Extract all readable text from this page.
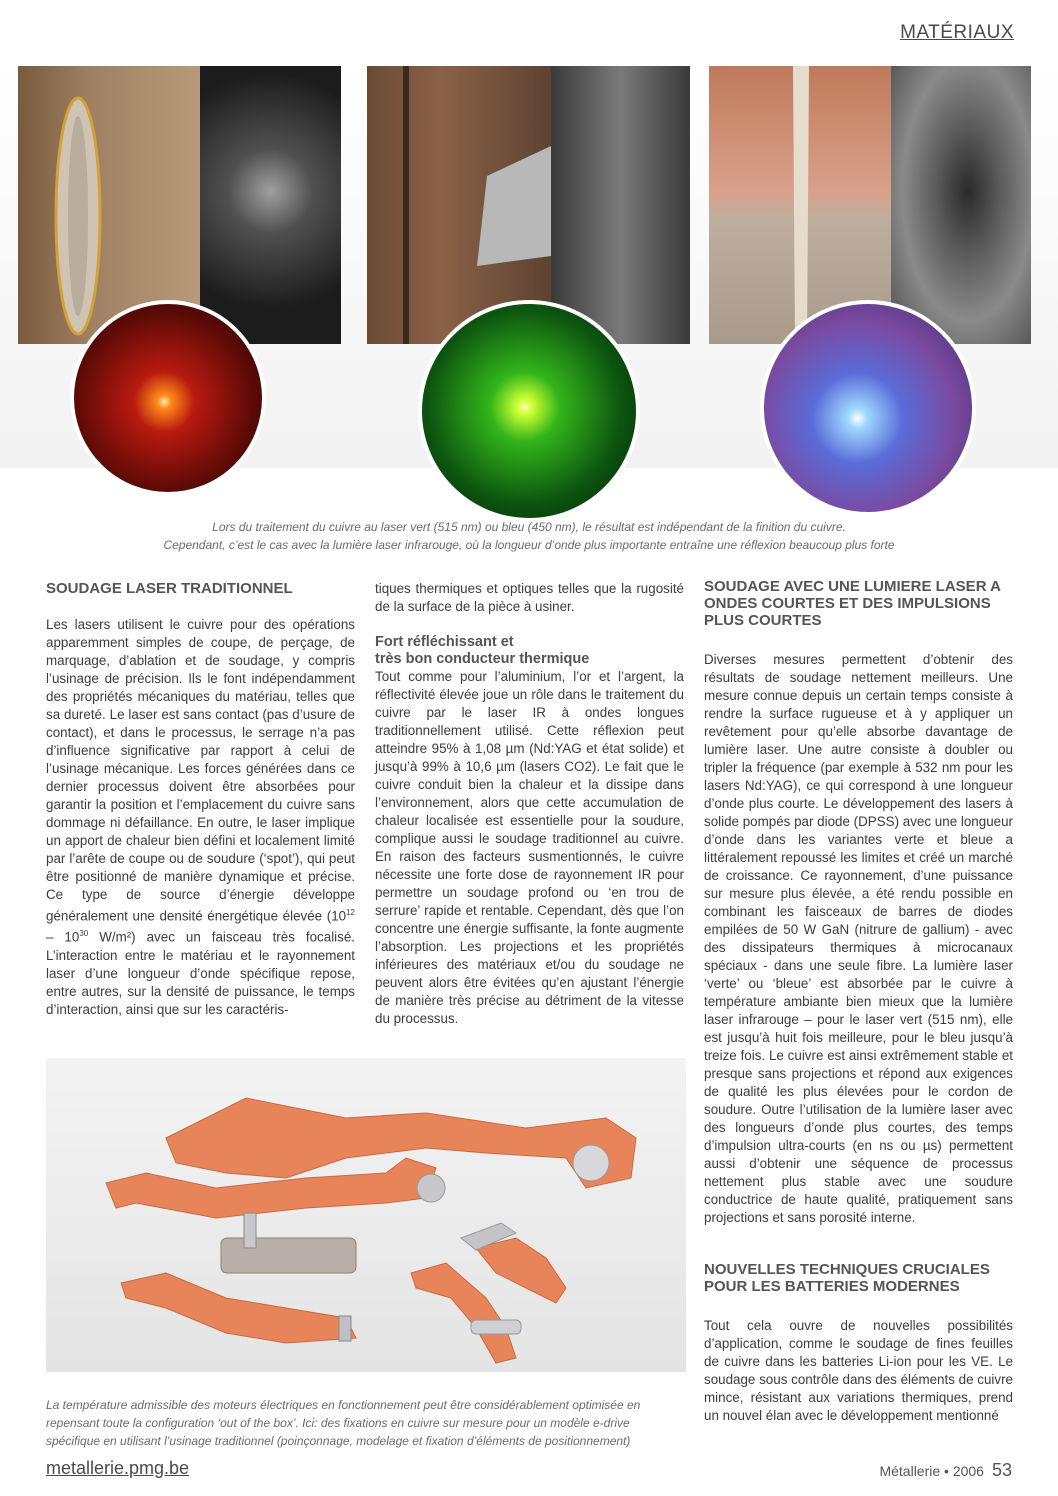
MATÉRIAUX
Lors du traitement du cuivre au laser vert (515 nm) ou bleu (450 nm), le résultat est indépendant de la finition du cuivre.
Cependant, c’est le cas avec la lumière laser infrarouge, où la longueur d’onde plus importante entraîne une réflexion beaucoup plus forte
SOUDAGE LASER TRADITIONNEL

Les lasers utilisent le cuivre pour des opérations apparemment simples de coupe, de perçage, de marquage, d’ablation et de soudage, y compris l’usinage de précision. Ils le font indépendamment des propriétés mécaniques du matériau, telles que sa dureté. Le laser est sans contact (pas d’usure de contact), et dans le processus, le serrage n’a pas d’influence significative par rapport à celui de l’usinage mécanique. Les forces générées dans ce dernier processus doivent être absorbées pour garantir la position et l’emplacement du cuivre sans dommage ni défaillance. En outre, le laser implique un apport de chaleur bien défini et localement limité par l’arête de coupe ou de soudure (‘spot’), qui peut être positionné de manière dynamique et précise. Ce type de source d’énergie développe généralement une densité énergétique élevée ($10^{12} - 10^{30}$ W/m²) avec un faisceau très focalisé. L’interaction entre le matériau et le rayonnement laser d’une longueur d’onde spécifique repose, entre autres, sur la densité de puissance, le temps d’interaction, ainsi que sur les caractéris-

tiques thermiques et optiques telles que la rugosité de la surface de la pièce à usiner.

Fort réfléchissant et
très bon conducteur thermique

Tout comme pour l’aluminium, l’or et l’argent, la réflectivité élevée joue un rôle dans le traitement du cuivre par le laser IR à ondes longues traditionnellement utilisé. Cette réflexion peut atteindre 95% à 1,08 µm (Nd:YAG et état solide) et jusqu’à 99% à 10,6 µm (lasers CO2). Le fait que le cuivre conduit bien la chaleur et la dissipe dans l’environnement, alors que cette accumulation de chaleur localisée est essentielle pour la soudure, complique aussi le soudage traditionnel au cuivre. En raison des facteurs susmentionnés, le cuivre nécessite une forte dose de rayonnement IR pour permettre un soudage profond ou ‘en trou de serrure’ rapide et rentable. Cependant, dès que l’on concentre une énergie suffisante, la fonte augmente l’absorption. Les projections et les propriétés inférieures des matériaux et/ou du soudage ne peuvent alors être évitées qu’en ajustant l’énergie de manière très précise au détriment de la vitesse du processus.

SOUDAGE AVEC UNE LUMIERE LASER A
ONDES COURTES ET DES IMPULSIONS
PLUS COURTES

Diverses mesures permettent d’obtenir des résultats de soudage nettement meilleurs. Une mesure connue depuis un certain temps consiste à rendre la surface rugueuse et à y appliquer un revêtement pour qu’elle absorbe davantage de lumière laser. Une autre consiste à doubler ou tripler la fréquence (par exemple à 532 nm pour les lasers Nd:YAG), ce qui correspond à une longueur d’onde plus courte. Le développement des lasers à solide pompés par diode (DPSS) avec une longueur d’onde dans les variantes verte et bleue a littéralement repoussé les limites et créé un marché de croissance. Ce rayonnement, d’une puissance sur mesure plus élevée, a été rendu possible en combinant les faisceaux de barres de diodes empilées de 50 W GaN (nitrure de gallium) - avec des dissipateurs thermiques à microcanaux spéciaux - dans une seule fibre. La lumière laser ‘verte’ ou ‘bleue’ est absorbée par le cuivre à température ambiante bien mieux que la lumière laser infrarouge – pour le laser vert (515 nm), elle est jusqu’à huit fois meilleure, pour le bleu jusqu’à treize fois. Le cuivre est ainsi extrêmement stable et presque sans projections et répond aux exigences de qualité les plus élevées pour le cordon de soudure. Outre l’utilisation de la lumière laser avec des longueurs d’onde plus courtes, des temps d’impulsion ultra-courts (en ns ou µs) permettent aussi d’obtenir une séquence de processus nettement plus stable avec une soudure conductrice de haute qualité, pratiquement sans projections et sans porosité interne.

NOUVELLES TECHNIQUES CRUCIALES
POUR LES BATTERIES MODERNES

Tout cela ouvre de nouvelles possibilités d’application, comme le soudage de fines feuilles de cuivre dans les batteries Li-ion pour les VE. Le soudage sous contrôle dans des éléments de cuivre mince, résistant aux variations thermiques, prend un nouvel élan avec le développement mentionné

La température admissible des moteurs électriques en fonctionnement peut être considérablement optimisée en repensant toute la configuration ‘out of the box’. Ici: des fixations en cuivre sur mesure pour un modèle e-drive spécifique en utilisant l’usinage traditionnel (poinçonnage, modelage et fixation d’éléments de positionnement)
metallerie.pmg.be	Métallerie • 2006 53
